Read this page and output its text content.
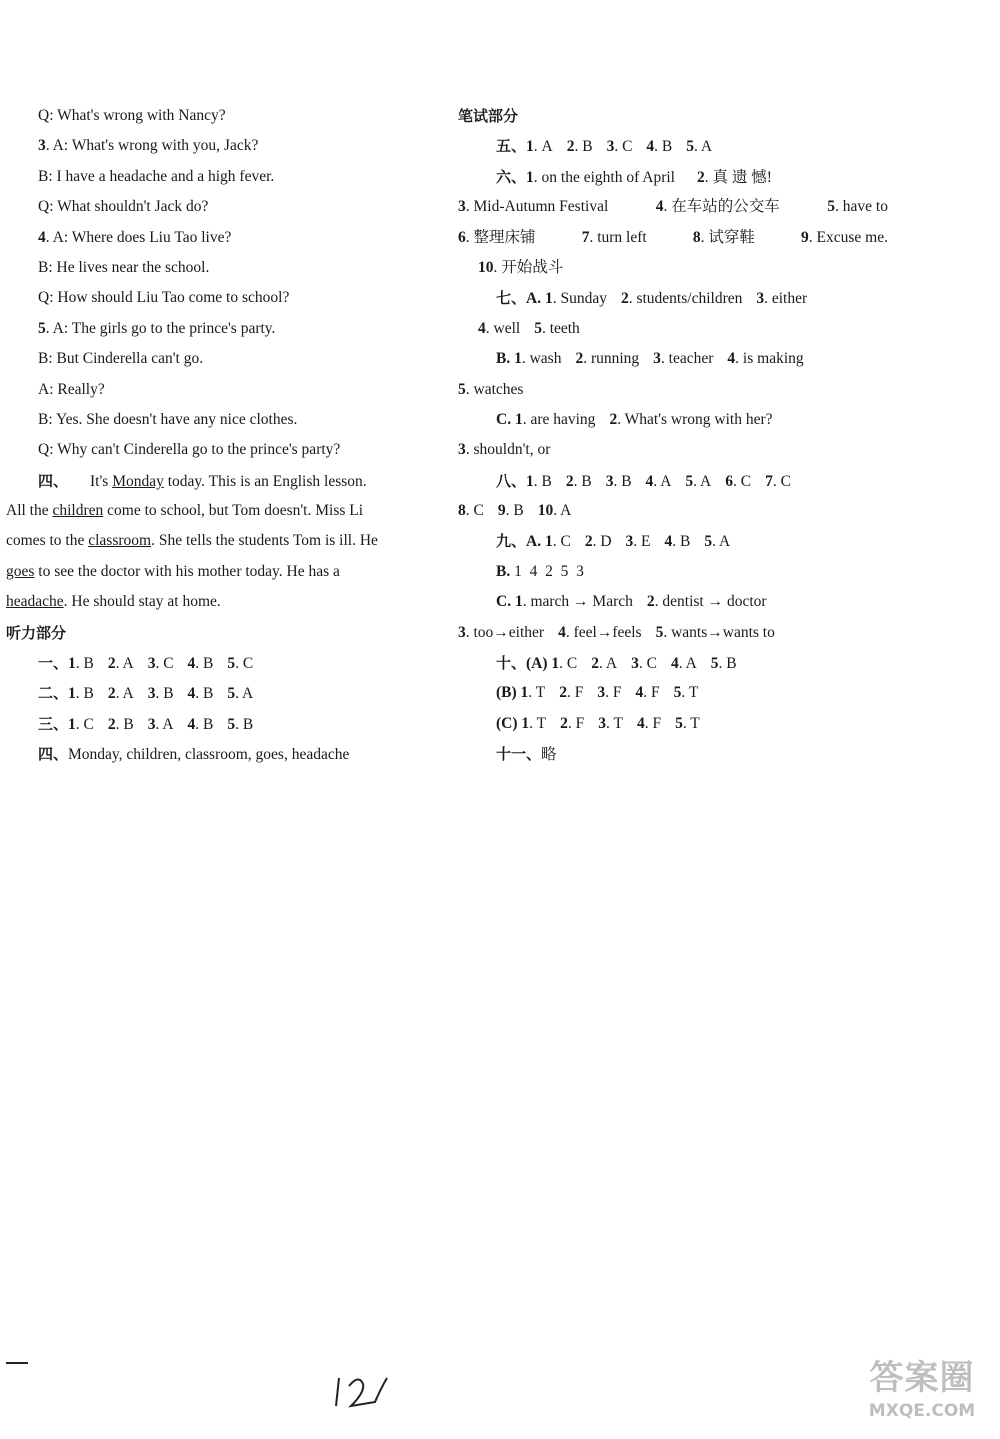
Q: What's wrong with Nancy?
3. A: What's wrong with you, Jack?
B: I have a headache and a high fever.
Q: What shouldn't Jack do?
4. A: Where does Liu Tao live?
B: He lives near the school.
Q: How should Liu Tao come to school?
5. A: The girls go to the prince's party.
B: But Cinderella can't go.
A: Really?
B: Yes. She doesn't have any nice clothes.
Q: Why can't Cinderella go to the prince's party?
四、 It's Monday today. This is an English lesson.
All the children come to school, but Tom doesn't. Miss Li
comes to the classroom. She tells the students Tom is ill. He
goes to see the doctor with his mother today. He has a
headache. He should stay at home.
听力部分
一、1. B 2. A 3. C 4. B 5. C
二、1. B 2. A 3. B 4. B 5. A
三、1. C 2. B 3. A 4. B 5. B
四、Monday, children, classroom, goes, headache
笔试部分
五、1. A 2. B 3. C 4. B 5. A
六、1. on the eighth of April 2. 真 遗 憾!
3. Mid-Autumn Festival	4. 在车站的公交车	5. have to
6. 整理床铺	7. turn left	8. 试穿鞋	9. Excuse me.
10. 开始战斗
七、A. 1. Sunday 2. students/children 3. either
4. well 5. teeth
B. 1. wash 2. running 3. teacher 4. is making
5. watches
C. 1. are having 2. What's wrong with her?
3. shouldn't, or
八、1. B 2. B 3. B 4. A 5. A 6. C 7. C
8. C 9. B 10. A
九、A. 1. C 2. D 3. E 4. B 5. A
B. 1  4  2  5  3
C. 1. march → March 2. dentist → doctor
3. too→either 4. feel→feels 5. wants→wants to
十、(A) 1. C 2. A 3. C 4. A 5. B
(B) 1. T 2. F 3. F 4. F 5. T
(C) 1. T 2. F 3. T 4. F 5. T
十一、略
答案圈
MXQE.COM
